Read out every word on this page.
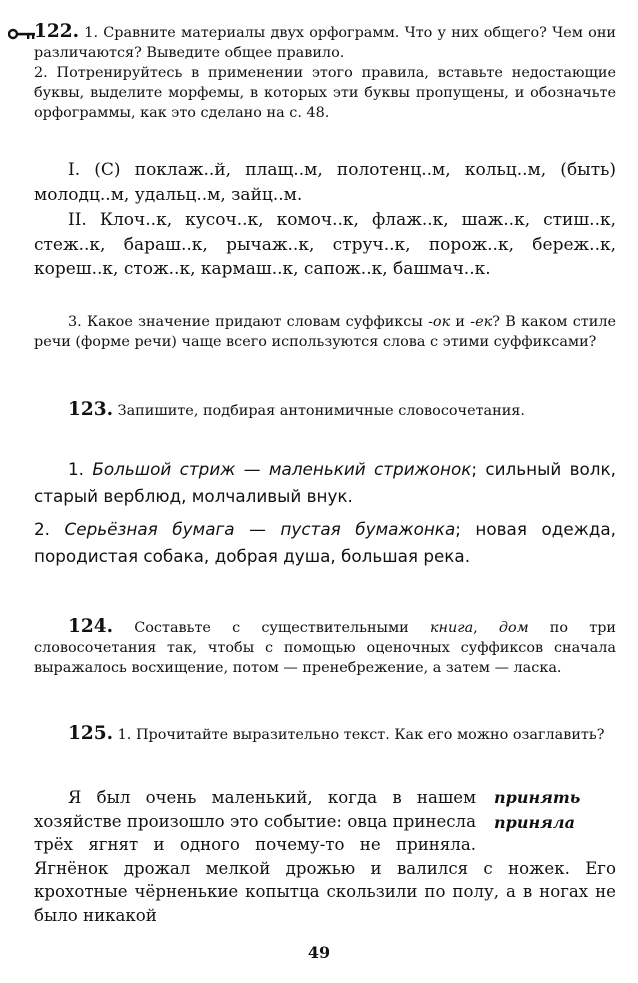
122. 1. Сравните материалы двух орфограмм. Что у них общего? Чем они различаются? Выведите общее правило.
2. Потренируйтесь в применении этого правила, вставьте недостающие буквы, выделите морфемы, в которых эти буквы пропущены, и обозначьте орфограммы, как это сделано на с. 48.
I. (С) поклаж..й, плащ..м, полотенц..м, кольц..м, (быть) молодц..м, удальц..м, зайц..м.
II. Клоч..к, кусоч..к, комоч..к, флаж..к, шаж..к, стиш..к, стеж..к, бараш..к, рычаж..к, струч..к, порож..к, береж..к, кореш..к, стож..к, кармаш..к, сапож..к, башмач..к.
3. Какое значение придают словам суффиксы -ок и -ек? В каком стиле речи (форме речи) чаще всего используются слова с этими суффиксами?
123. Запишите, подбирая антонимичные словосочетания.
1. Большой стриж — маленький стрижонок; сильный волк, старый верблюд, молчаливый внук.
2. Серьёзная бумага — пустая бумажонка; новая одежда, породистая собака, добрая душа, большая река.
124. Составьте с существительными книга, дом по три словосочетания так, чтобы с помощью оценочных суффиксов сначала выражалось восхищение, потом — пренебрежение, а затем — ласка.
125. 1. Прочитайте выразительно текст. Как его можно озаглавить?
принять
приняла
Я был очень маленький, когда в нашем хозяйстве произошло это событие: овца принесла трёх ягнят и одного почему-то не приняла. Ягнёнок дрожал мелкой дрожью и валился с ножек. Его крохотные чёрненькие копытца скользили по полу, а в ногах не было никакой
49
